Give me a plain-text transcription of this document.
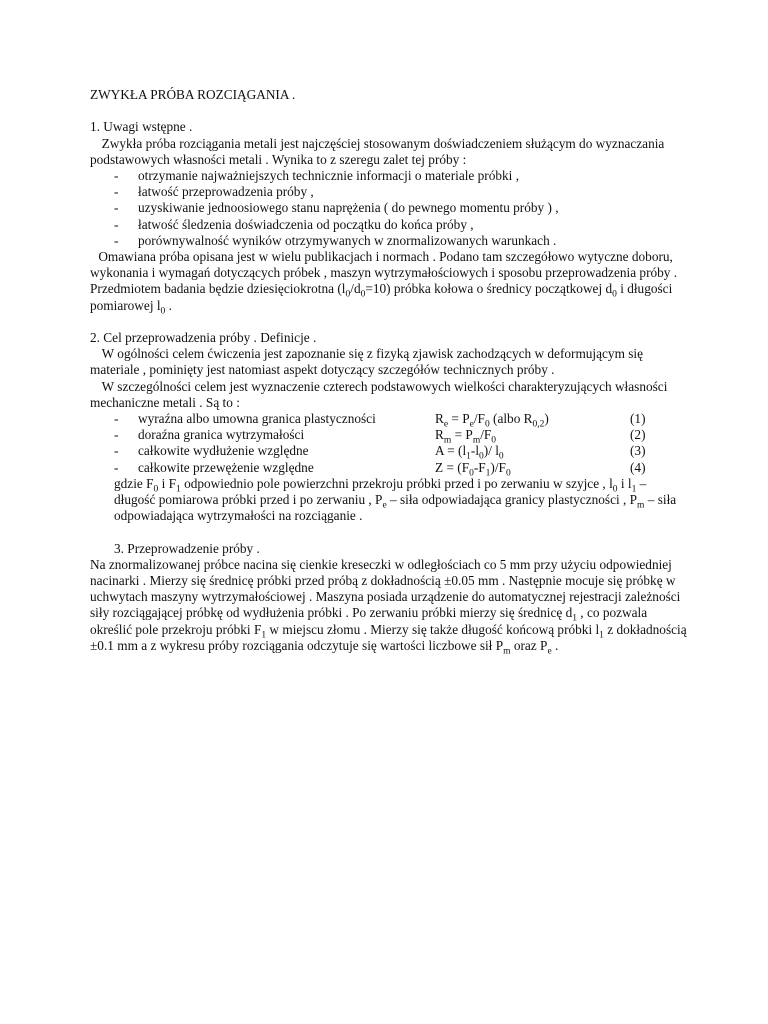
ZWYKŁA PRÓBA ROZCIĄGANIA .

1. Uwagi wstępne .

Zwykła próba rozciągania metali jest najczęściej stosowanym doświadczeniem służącym do wyznaczania podstawowych własności metali . Wynika to z szeregu zalet tej próby :

- otrzymanie najważniejszych technicznie informacji o materiale próbki ,
- łatwość przeprowadzenia próby ,
- uzyskiwanie jednoosiowego stanu naprężenia ( do pewnego momentu próby ) ,
- łatwość śledzenia doświadczenia od początku do końca próby ,
- porównywalność wyników otrzymywanych w znormalizowanych warunkach .

Omawiana próba opisana jest w wielu publikacjach i normach . Podano tam szczegółowo wytyczne doboru, wykonania i wymagań dotyczących próbek , maszyn wytrzymałościowych i sposobu przeprowadzenia próby . Przedmiotem badania będzie dziesięciokrotna $(l_0/d_0=10)$ próbka kołowa o średnicy początkowej $d_0$ i długości pomiarowej $l_0$ .

2. Cel przeprowadzenia próby . Definicje .

W ogólności celem ćwiczenia jest zapoznanie się z fizyką zjawisk zachodzących w deformującym się materiale , pominięty jest natomiast aspekt dotyczący szczegółów technicznych próby .

W szczególności celem jest wyznaczenie czterech podstawowych wielkości charakteryzujących własności mechaniczne metali . Są to :

-	wyraźna albo umowna granica plastyczności	$R_e = P_e/F_0$ (albo $R_{0,2}$)	(1)
-	doraźna granica wytrzymałości	$R_m = P_m/F_0$	(2)
-	całkowite wydłużenie względne	$A = (l_1-l_0)/$ $l_0$	(3)
-	całkowite przewężenie względne	$Z = (F_0-F_1)/F_0$	(4)

gdzie $F_0$ i $F_1$ odpowiednio pole powierzchni przekroju próbki przed i po zerwaniu w szyjce , $l_0$ i $l_1$ – długość pomiarowa próbki przed i po zerwaniu , $P_e$ – siła odpowiadająca granicy plastyczności , $P_m$ – siła odpowiadająca wytrzymałości na rozciąganie .

3. Przeprowadzenie próby .

Na znormalizowanej próbce nacina się cienkie kreseczki w odległościach co 5 mm przy użyciu odpowiedniej nacinarki . Mierzy się średnicę próbki przed próbą z dokładnością ±0.05 mm . Następnie mocuje się próbkę w uchwytach maszyny wytrzymałościowej . Maszyna posiada urządzenie do automatycznej rejestracji zależności siły rozciągającej próbkę od wydłużenia próbki . Po zerwaniu próbki mierzy się średnicę $d_1$ , co pozwala określić pole przekroju próbki $F_1$ w miejscu złomu . Mierzy się także długość końcową próbki $l_1$ z dokładnością ±0.1 mm a z wykresu próby rozciągania odczytuje się wartości liczbowe sił $P_m$ oraz $P_e$ .
